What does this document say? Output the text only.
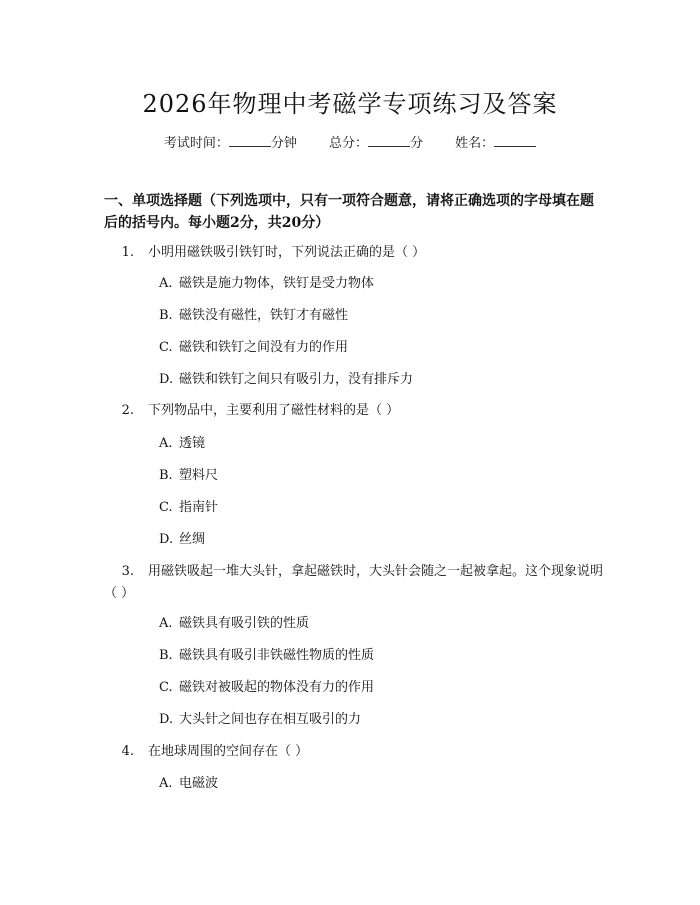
2026年物理中考磁学专项练习及答案
考试时间：	分钟 总分：	分 姓名：
一、单项选择题（下列选项中，只有一项符合题意，请将正确选项的字母填在题后的括号内。每小题2分，共20分）
1. 小明用磁铁吸引铁钉时，下列说法正确的是（ ）
A. 磁铁是施力物体，铁钉是受力物体
B. 磁铁没有磁性，铁钉才有磁性
C. 磁铁和铁钉之间没有力的作用
D. 磁铁和铁钉之间只有吸引力，没有排斥力
2. 下列物品中，主要利用了磁性材料的是（ ）
A. 透镜
B. 塑料尺
C. 指南针
D. 丝绸
3. 用磁铁吸起一堆大头针，拿起磁铁时，大头针会随之一起被拿起。这个现象说明（ ）
A. 磁铁具有吸引铁的性质
B. 磁铁具有吸引非铁磁性物质的性质
C. 磁铁对被吸起的物体没有力的作用
D. 大头针之间也存在相互吸引的力
4. 在地球周围的空间存在（ ）
A. 电磁波
